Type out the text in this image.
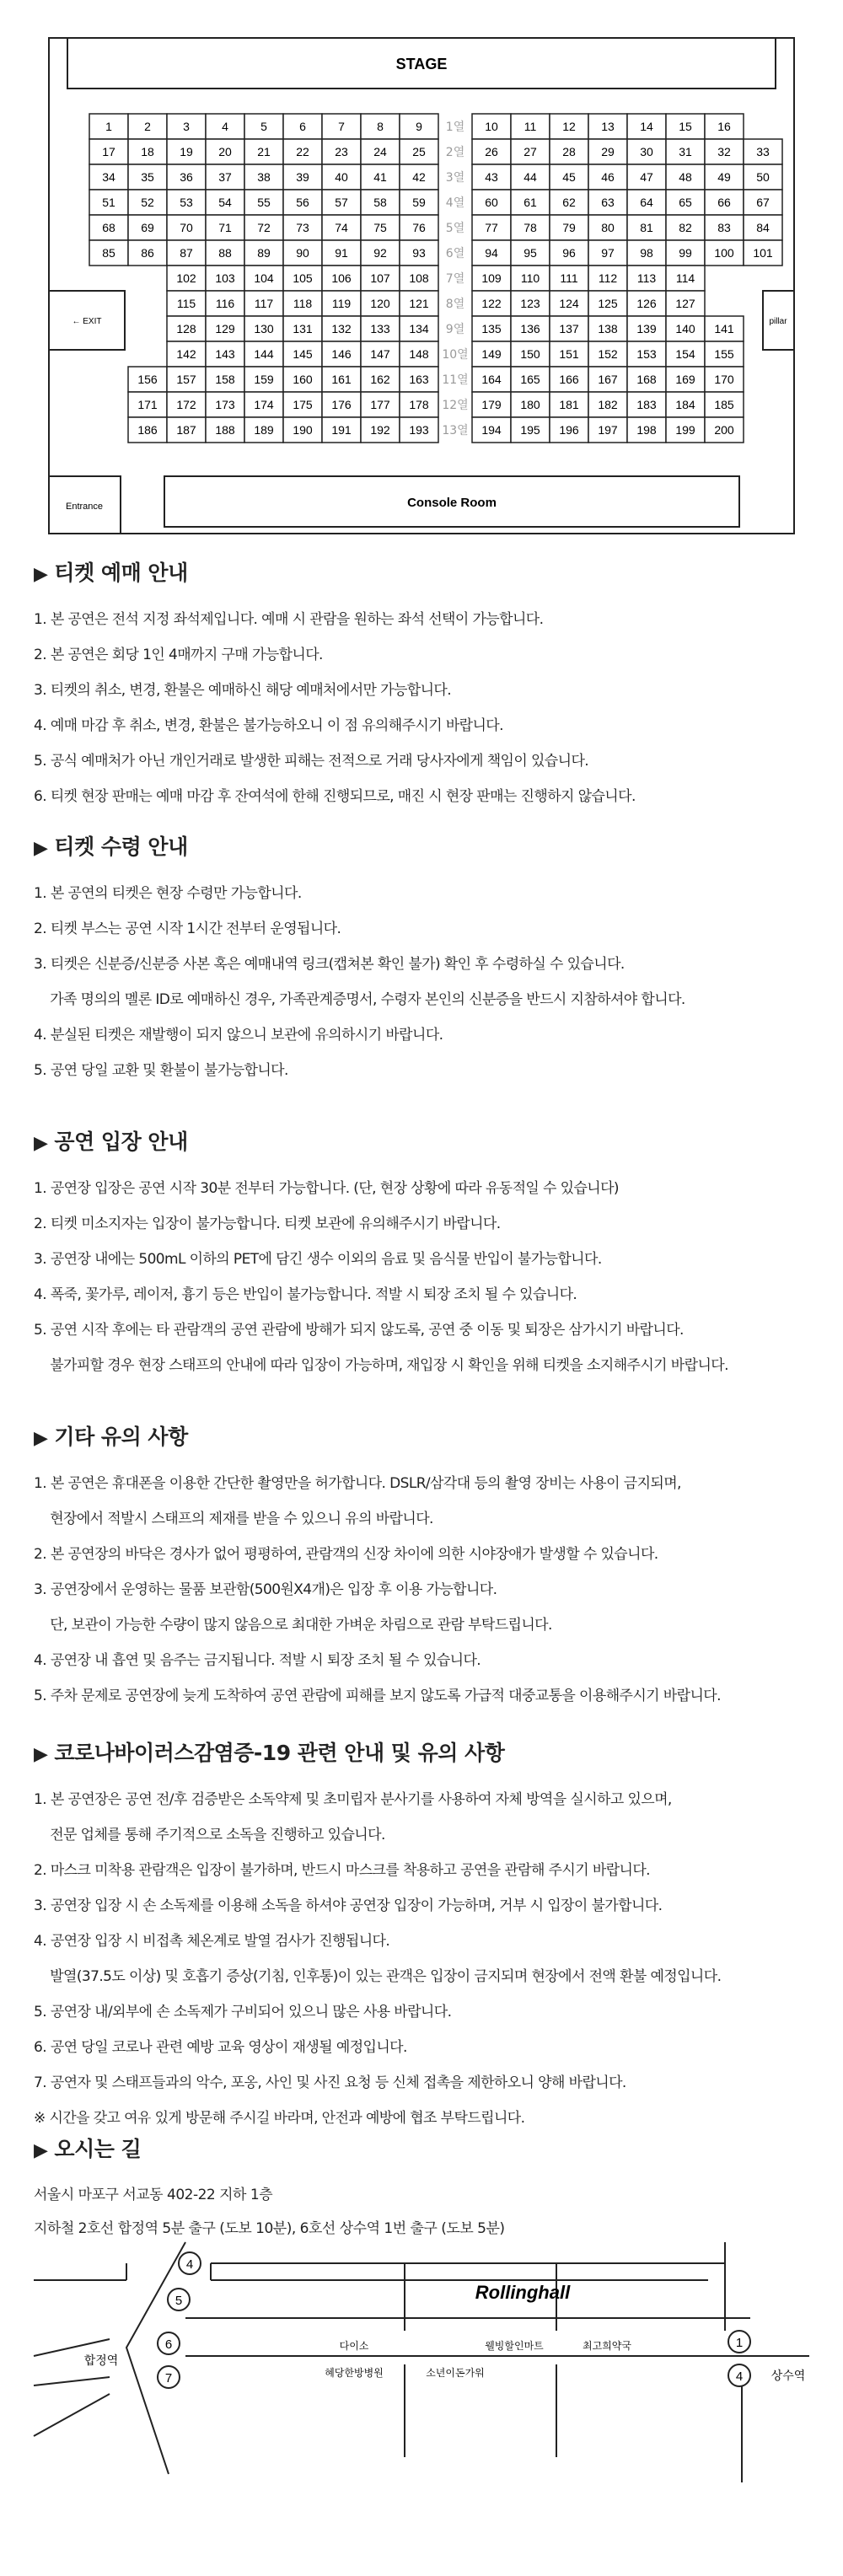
STAGE
← EXIT	pillar
Entrance	Console Room
1	2	3	4	5	6	7	8	9	10 11 12 13 14 15 16
1열
17 18 19 20 21 22 23 24 25	26 27 28 29 30 31 32 33
2열
34 35 36 37 38 39 40 41 42	43 44 45 46 47 48 49 50
3열
51 52 53 54 55 56 57 58 59	60 61 62 63 64 65 66 67
4열
68 69 70 71 72 73 74 75 76	77 78 79 80 81 82 83 84
5열
85 86 87 88 89 90 91 92 93	94 95 96 97 98 99 100 101
6열
102 103 104 105 106 107 108	109 110 111 112 113 114
7열
115 116 117 118 119 120 121	122 123 124 125 126 127
8열
128 129 130 131 132 133 134	135 136 137 138 139 140 141
9열
142 143 144 145 146 147 148	149 150 151 152 153 154 155
10열
156 157 158 159 160 161 162 163	164 165 166 167 168 169 170
11열
171 172 173 174 175 176 177 178	179 180 181 182 183 184 185
12열
186 187 188 189 190 191 192 193	194 195 196 197 198 199 200
13열
▶ 티켓 예매 안내
1. 본 공연은 전석 지정 좌석제입니다. 예매 시 관람을 원하는 좌석 선택이 가능합니다.
2. 본 공연은 회당 1인 4매까지 구매 가능합니다.
3. 티켓의 취소, 변경, 환불은 예매하신 해당 예매처에서만 가능합니다.
4. 예매 마감 후 취소, 변경, 환불은 불가능하오니 이 점 유의해주시기 바랍니다.
5. 공식 예매처가 아닌 개인거래로 발생한 피해는 전적으로 거래 당사자에게 책임이 있습니다.
6. 티켓 현장 판매는 예매 마감 후 잔여석에 한해 진행되므로, 매진 시 현장 판매는 진행하지 않습니다.
▶ 티켓 수령 안내
1. 본 공연의 티켓은 현장 수령만 가능합니다.
2. 티켓 부스는 공연 시작 1시간 전부터 운영됩니다.
3. 티켓은 신분증/신분증 사본 혹은 예매내역 링크(캡쳐본 확인 불가) 확인 후 수령하실 수 있습니다.
가족 명의의 멜론 ID로 예매하신 경우, 가족관계증명서, 수령자 본인의 신분증을 반드시 지참하셔야 합니다.
4. 분실된 티켓은 재발행이 되지 않으니 보관에 유의하시기 바랍니다.
5. 공연 당일 교환 및 환불이 불가능합니다.
▶ 공연 입장 안내
1. 공연장 입장은 공연 시작 30분 전부터 가능합니다. (단, 현장 상황에 따라 유동적일 수 있습니다)
2. 티켓 미소지자는 입장이 불가능합니다. 티켓 보관에 유의해주시기 바랍니다.
3. 공연장 내에는 500mL 이하의 PET에 담긴 생수 이외의 음료 및 음식물 반입이 불가능합니다.
4. 폭죽, 꽃가루, 레이저, 흉기 등은 반입이 불가능합니다. 적발 시 퇴장 조치 될 수 있습니다.
5. 공연 시작 후에는 타 관람객의 공연 관람에 방해가 되지 않도록, 공연 중 이동 및 퇴장은 삼가시기 바랍니다.
불가피할 경우 현장 스태프의 안내에 따라 입장이 가능하며, 재입장 시 확인을 위해 티켓을 소지해주시기 바랍니다.
▶ 기타 유의 사항
1. 본 공연은 휴대폰을 이용한 간단한 촬영만을 허가합니다. DSLR/삼각대 등의 촬영 장비는 사용이 금지되며,
현장에서 적발시 스태프의 제재를 받을 수 있으니 유의 바랍니다.
2. 본 공연장의 바닥은 경사가 없어 평평하여, 관람객의 신장 차이에 의한 시야장애가 발생할 수 있습니다.
3. 공연장에서 운영하는 물품 보관함(500원X4개)은 입장 후 이용 가능합니다.
단, 보관이 가능한 수량이 많지 않음으로 최대한 가벼운 차림으로 관람 부탁드립니다.
4. 공연장 내 흡연 및 음주는 금지됩니다. 적발 시 퇴장 조치 될 수 있습니다.
5. 주차 문제로 공연장에 늦게 도착하여 공연 관람에 피해를 보지 않도록 가급적 대중교통을 이용해주시기 바랍니다.
▶ 코로나바이러스감염증-19 관련 안내 및 유의 사항
1. 본 공연장은 공연 전/후 검증받은 소독약제 및 초미립자 분사기를 사용하여 자체 방역을 실시하고 있으며,
전문 업체를 통해 주기적으로 소독을 진행하고 있습니다.
2. 마스크 미착용 관람객은 입장이 불가하며, 반드시 마스크를 착용하고 공연을 관람해 주시기 바랍니다.
3. 공연장 입장 시 손 소독제를 이용해 소독을 하셔야 공연장 입장이 가능하며, 거부 시 입장이 불가합니다.
4. 공연장 입장 시 비접촉 체온계로 발열 검사가 진행됩니다.
발열(37.5도 이상) 및 호흡기 증상(기침, 인후통)이 있는 관객은 입장이 금지되며 현장에서 전액 환불 예정입니다.
5. 공연장 내/외부에 손 소독제가 구비되어 있으니 많은 사용 바랍니다.
6. 공연 당일 코로나 관련 예방 교육 영상이 재생될 예정입니다.
7. 공연자 및 스태프들과의 악수, 포옹, 사인 및 사진 요청 등 신체 접촉을 제한하오니 양해 바랍니다.
※ 시간을 갖고 여유 있게 방문해 주시길 바라며, 안전과 예방에 협조 부탁드립니다.
▶ 오시는 길
서울시 마포구 서교동 402-22 지하 1층
지하철 2호선 합정역 5분 출구 (도보 10분), 6호선 상수역 1번 출구 (도보 5분)
합정역
상수역
Rollinghall
다이소	웰빙할인마트	최고희약국
혜당한방병원	소년이돈가워
4
5
6
7
1
4
